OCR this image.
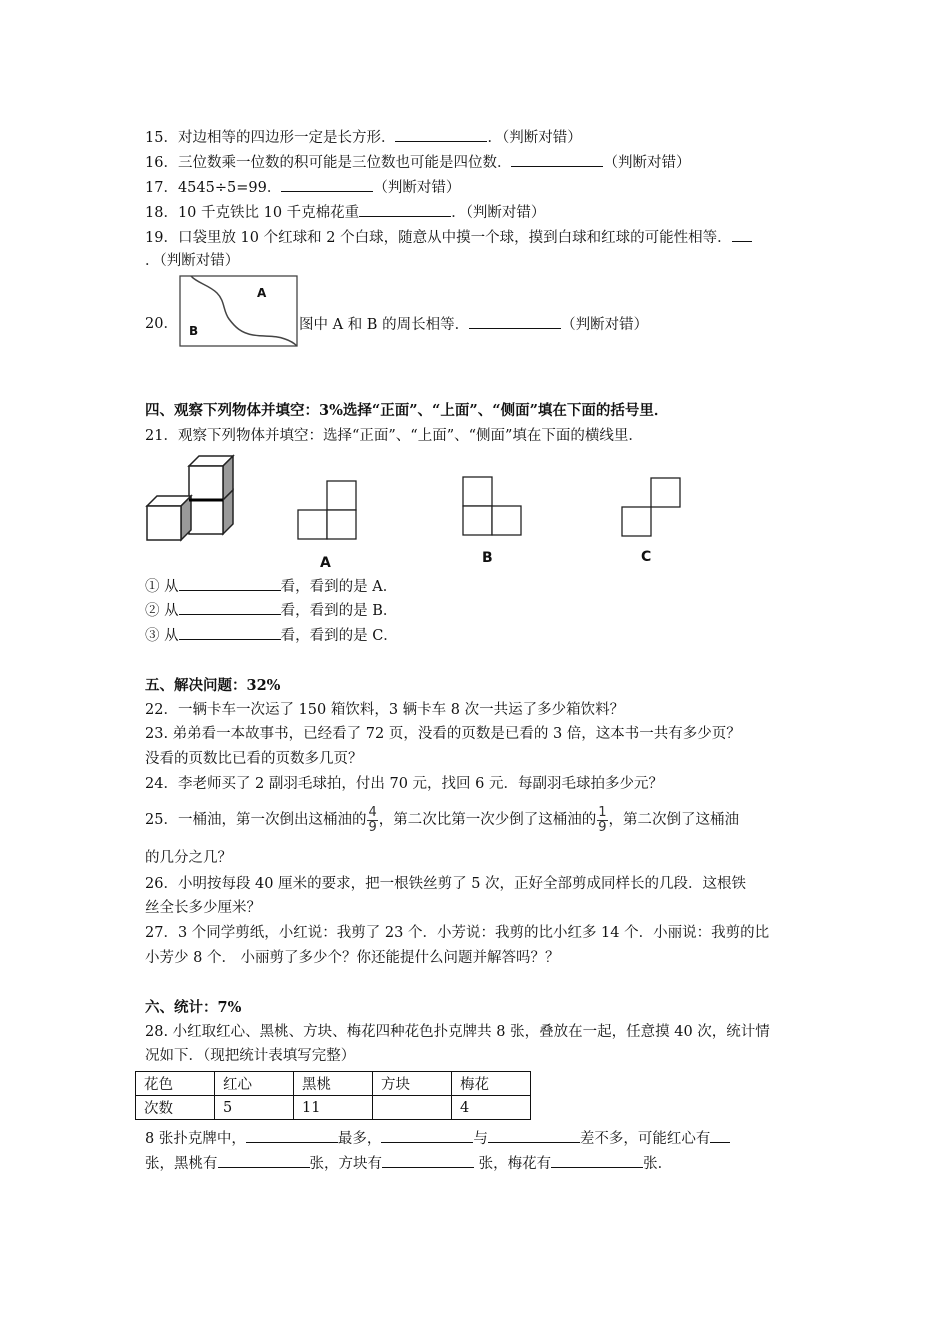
15．对边相等的四边形一定是长方形．	．（判断对错）
16．三位数乘一位数的积可能是三位数也可能是四位数．	（判断对错）
17．4545÷5=99．	（判断对错）
18．10 千克铁比 10 千克棉花重	．（判断对错）
19．口袋里放 10 个红球和 2 个白球，随意从中摸一个球，摸到白球和红球的可能性相等．
．（判断对错）
20．
A
B	图中 A 和 B 的周长相等．	（判断对错）
四、观察下列物体并填空：3%选择“正面”、“上面”、“侧面”填在下面的括号里．
21．观察下列物体并填空：选择“正面”、“上面”、“侧面”填在下面的横线里．
A	B	C
① 从	看，看到的是 A．
② 从	看，看到的是 B．
③ 从	看，看到的是 C．
五、解决问题：32%
22．一辆卡车一次运了 150 箱饮料，3 辆卡车 8 次一共运了多少箱饮料？
23. 弟弟看一本故事书，已经看了 72 页，没看的页数是已看的 3 倍，这本书一共有多少页？
没看的页数比已看的页数多几页？
24．李老师买了 2 副羽毛球拍，付出 70 元，找回 6 元．每副羽毛球拍多少元？
25．一桶油，第一次倒出这桶油的 $\frac{4}{9}$ ，第二次比第一次少倒了这桶油的 $\frac{1}{9}$ ，第二次倒了这桶油
的几分之几？
26．小明按每段 40 厘米的要求，把一根铁丝剪了 5 次，正好全部剪成同样长的几段．这根铁
丝全长多少厘米？
27．3 个同学剪纸，小红说：我剪了 23 个．小芳说：我剪的比小红多 14 个．小丽说：我剪的比
小芳少 8 个． 小丽剪了多少个？你还能提什么问题并解答吗？？
六、统计：7%
28. 小红取红心、黑桃、方块、梅花四种花色扑克牌共 8 张，叠放在一起，任意摸 40 次，统计情
况如下．（现把统计表填写完整）
花色	红心	黑桃	方块	梅花
次数	5	11		4
8 张扑克牌中，	最多，	与	差不多，可能红心有
张，黑桃有	张，方块有	张，梅花有	张．
